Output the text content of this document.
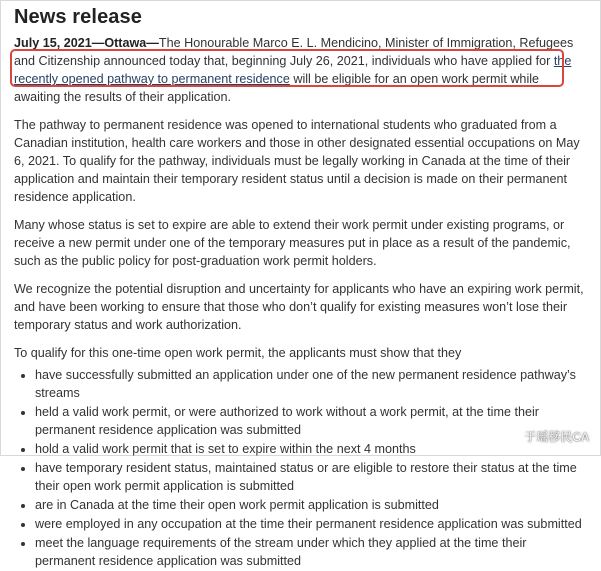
News release

July 15, 2021—Ottawa—The Honourable Marco E. L. Mendicino, Minister of Immigration, Refugees and Citizenship announced today that, beginning July 26, 2021, individuals who have applied for the recently opened pathway to permanent residence will be eligible for an open work permit while awaiting the results of their application.

The pathway to permanent residence was opened to international students who graduated from a Canadian institution, health care workers and those in other designated essential occupations on May 6, 2021. To qualify for the pathway, individuals must be legally working in Canada at the time of their application and maintain their temporary resident status until a decision is made on their permanent residence application.

Many whose status is set to expire are able to extend their work permit under existing programs, or receive a new permit under one of the temporary measures put in place as a result of the pandemic, such as the public policy for post-graduation work permit holders.

We recognize the potential disruption and uncertainty for applicants who have an expiring work permit, and have been working to ensure that those who don’t qualify for existing measures won’t lose their temporary status and work authorization.

To qualify for this one-time open work permit, the applicants must show that they

• have successfully submitted an application under one of the new permanent residence pathway’s streams
• held a valid work permit, or were authorized to work without a work permit, at the time their permanent residence application was submitted
• hold a valid work permit that is set to expire within the next 4 months
• have temporary resident status, maintained status or are eligible to restore their status at the time their open work permit application is submitted
• are in Canada at the time their open work permit application is submitted
• were employed in any occupation at the time their permanent residence application was submitted
• meet the language requirements of the stream under which they applied at the time their permanent residence application was submitted
于瑶移民CA
